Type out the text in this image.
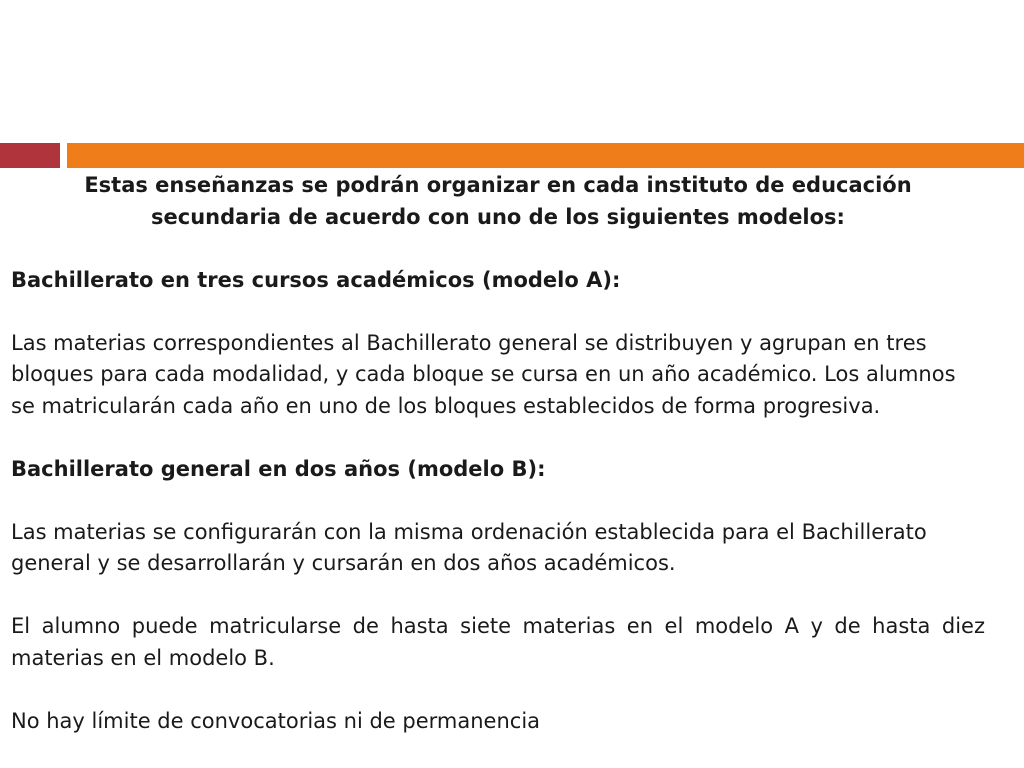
Estas enseñanzas se podrán organizar en cada instituto de educación
secundaria de acuerdo con uno de los siguientes modelos:

Bachillerato en tres cursos académicos (modelo A):

Las materias correspondientes al Bachillerato general se distribuyen y agrupan en tres bloques para cada modalidad, y cada bloque se cursa en un año académico. Los alumnos se matricularán cada año en uno de los bloques establecidos de forma progresiva.

Bachillerato general en dos años (modelo B):

Las materias se configurarán con la misma ordenación establecida para el Bachillerato general y se desarrollarán y cursarán en dos años académicos.

El alumno puede matricularse de hasta siete materias en el modelo A y de hasta diez materias en el modelo B.

No hay límite de convocatorias ni de permanencia
